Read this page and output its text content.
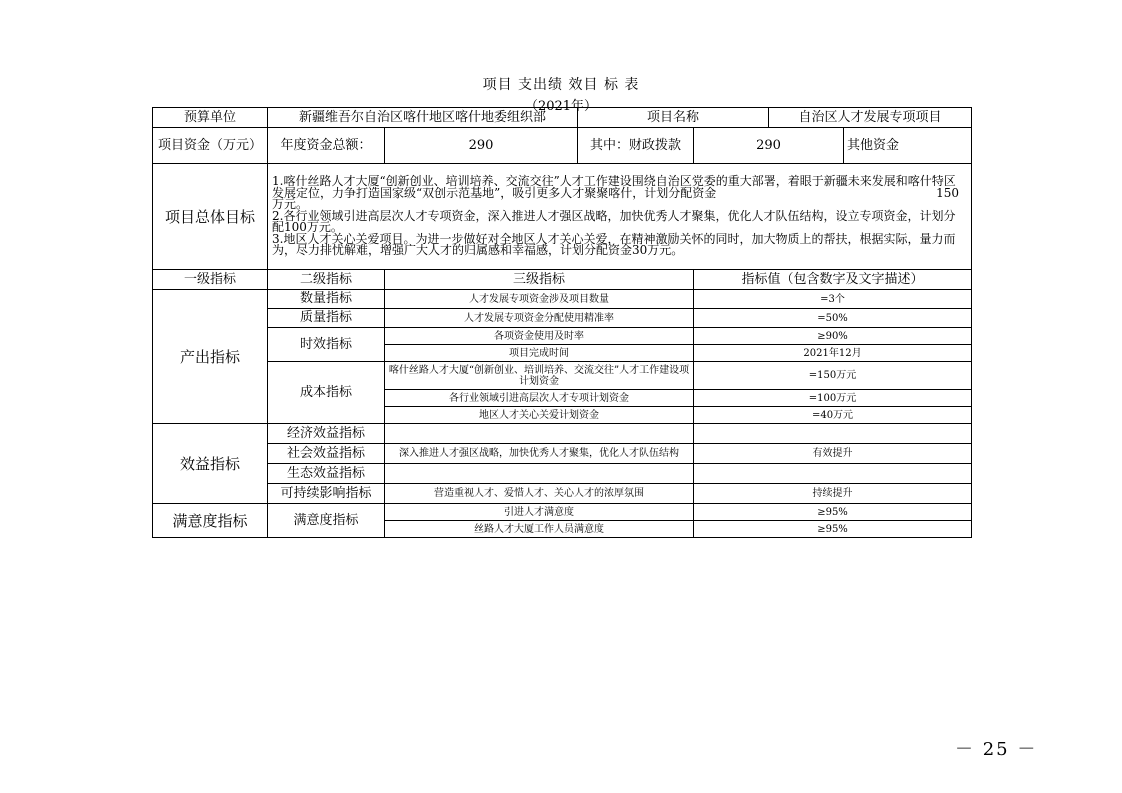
项目 支出绩 效目 标 表
（2021年）
预算单位	新疆维吾尔自治区喀什地区喀什地委组织部		项目名称		自治区人才发展专项项目	
项目资金（万元）	年度资金总额：	290	其中：财政拨款	290		其他资金
项目总体目标	1.喀什丝路人才大厦“创新创业、培训培养、交流交往”人才工作建设围绕自治区党委的重大部署，着眼于新疆未来发展和喀什特区发展定位，力争打造国家级“双创示范基地”，吸引更多人才聚聚喀什，计划分配资金 150
万元。
2.各行业领域引进高层次人才专项资金，深入推进人才强区战略，加快优秀人才聚集，优化人才队伍结构，设立专项资金，计划分配100万元。
3.地区人才关心关爱项目。为进一步做好对全地区人才关心关爱，在精神激励关怀的同时，加大物质上的帮扶，根据实际，量力而为，尽力排忧解难，增强广大人才的归属感和幸福感，计划分配资金30万元。					

一级指标	二级指标	三级指标		指标值（包含数字及文字描述）		
产出指标	数量指标	人才发展专项资金涉及项目数量		=3个		
	质量指标	人才发展专项资金分配使用精准率		=50%		
	时效指标	各项资金使用及时率		≥90%		
		项目完成时间		2021年12月		
	成本指标	喀什丝路人才大厦“创新创业、培训培养、交流交往”人才工作建设项计划资金		=150万元		
		各行业领域引进高层次人才专项计划资金		=100万元		
		地区人才关心关爱计划资金		=40万元		
效益指标	经济效益指标					
	社会效益指标	深入推进人才强区战略，加快优秀人才聚集，优化人才队伍结构		有效提升		
	生态效益指标					
	可持续影响指标	营造重视人才、爱惜人才、关心人才的浓厚氛围		持续提升		
满意度指标	满意度指标	引进人才满意度		≥95%		
		丝路人才大厦工作人员满意度		≥95%		
－ 25 －
